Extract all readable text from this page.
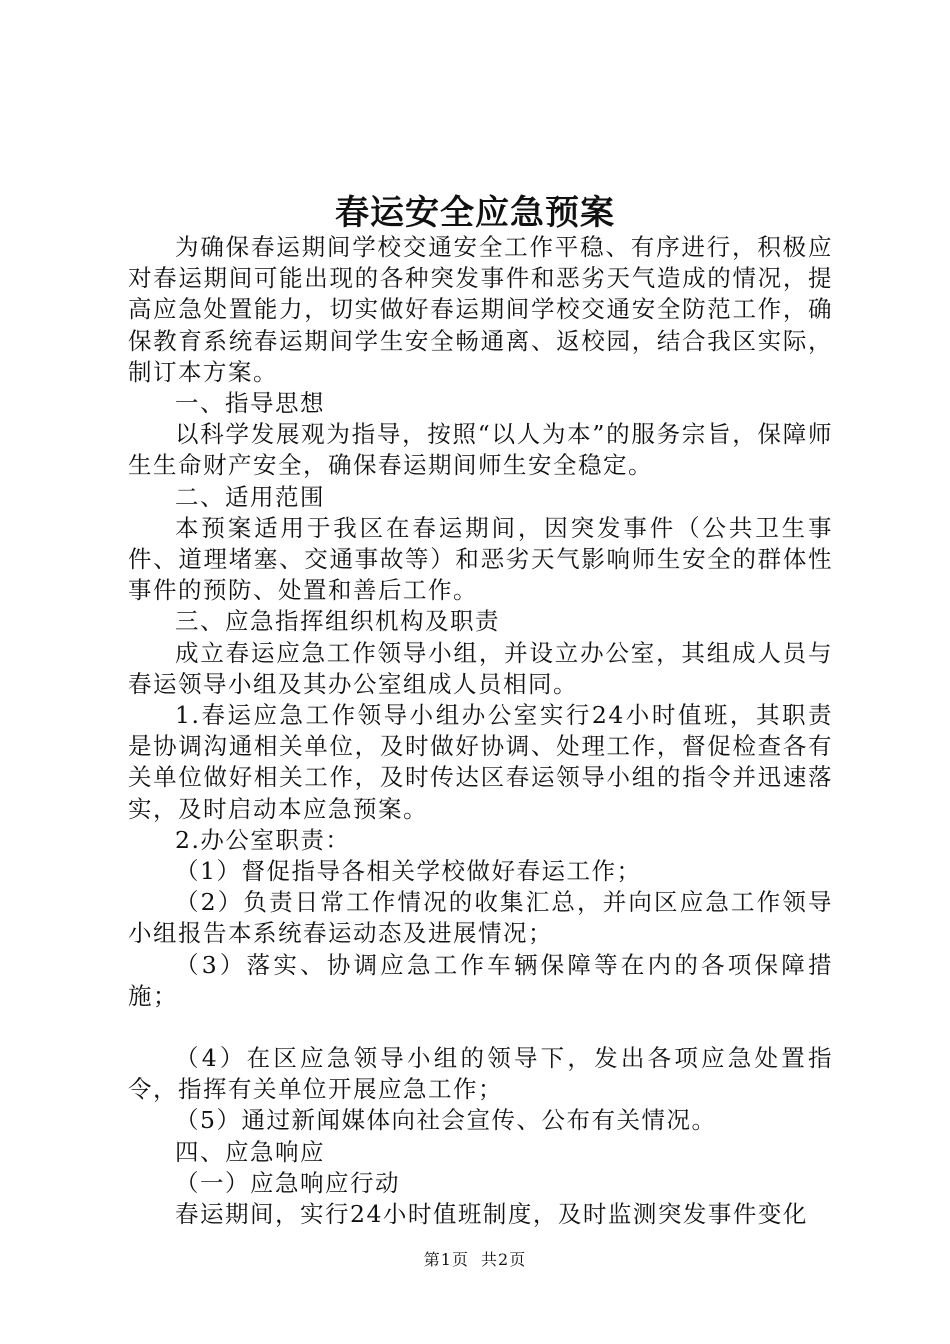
春运安全应急预案

为确保春运期间学校交通安全工作平稳、有序进行，积极应对春运期间可能出现的各种突发事件和恶劣天气造成的情况，提高应急处置能力，切实做好春运期间学校交通安全防范工作，确保教育系统春运期间学生安全畅通离、返校园，结合我区实际，制订本方案。

一、指导思想

以科学发展观为指导，按照“以人为本”的服务宗旨，保障师生生命财产安全，确保春运期间师生安全稳定。

二、适用范围

本预案适用于我区在春运期间，因突发事件（公共卫生事件、道理堵塞、交通事故等）和恶劣天气影响师生安全的群体性事件的预防、处置和善后工作。

三、应急指挥组织机构及职责

成立春运应急工作领导小组，并设立办公室，其组成人员与春运领导小组及其办公室组成人员相同。

1.春运应急工作领导小组办公室实行24小时值班，其职责是协调沟通相关单位，及时做好协调、处理工作，督促检查各有关单位做好相关工作，及时传达区春运领导小组的指令并迅速落实，及时启动本应急预案。

2.办公室职责：

（1）督促指导各相关学校做好春运工作；

（2）负责日常工作情况的收集汇总，并向区应急工作领导小组报告本系统春运动态及进展情况；

（3）落实、协调应急工作车辆保障等在内的各项保障措施；

（4）在区应急领导小组的领导下，发出各项应急处置指令，指挥有关单位开展应急工作；

（5）通过新闻媒体向社会宣传、公布有关情况。

四、应急响应

（一）应急响应行动

春运期间，实行24小时值班制度，及时监测突发事件变化

第1页 共2页
